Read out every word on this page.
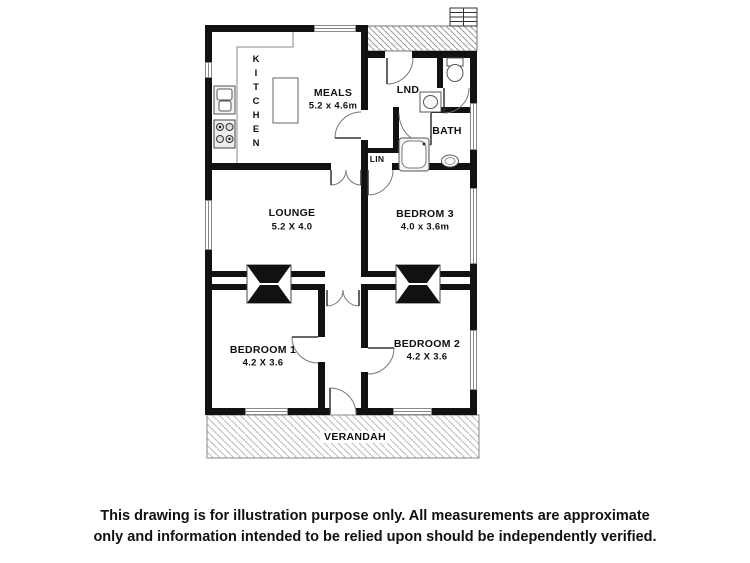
KITCHEN	MEALS
5.2 x 4.6m
LND
BATH
LIN
LOUNGE
5.2 X 4.0
BEDROM 3
4.0 x 3.6m
BEDROOM 1
4.2 X 3.6
BEDROOM 2
4.2 X 3.6
VERANDAH
This drawing is for illustration purpose only. All measurements are approximate
only and information intended to be relied upon should be independently verified.
